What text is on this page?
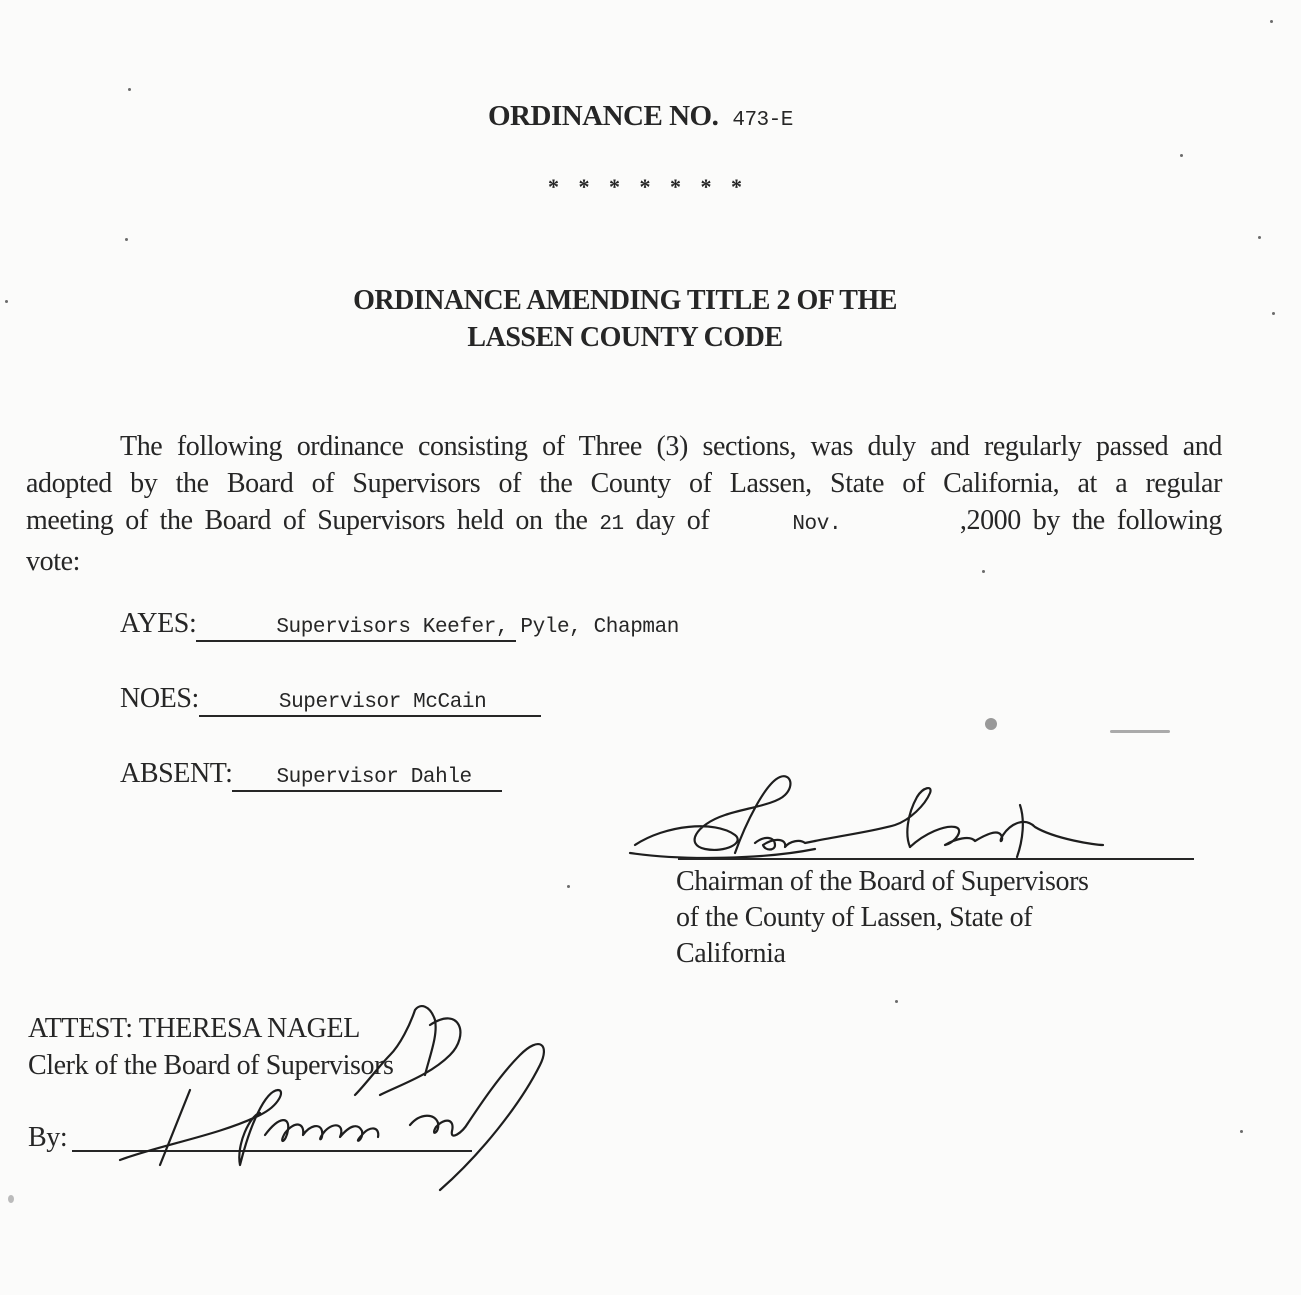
ORDINANCE NO. 473-E
* * * * * * *
ORDINANCE AMENDING TITLE 2 OF THE
LASSEN COUNTY CODE
The following ordinance consisting of Three (3) sections, was duly and regularly passed and
adopted by the Board of Supervisors of the County of Lassen, State of California, at a regular
meeting of the Board of Supervisors held on the 21 day of	Nov.	,2000 by the following
vote:
AYES:	Supervisors Keefer, Pyle, Chapman
NOES:	Supervisor McCain
ABSENT: Supervisor Dahle
Chairman of the Board of Supervisors
of the County of Lassen, State of
California
ATTEST: THERESA NAGEL
Clerk of the Board of Supervisors
By:
